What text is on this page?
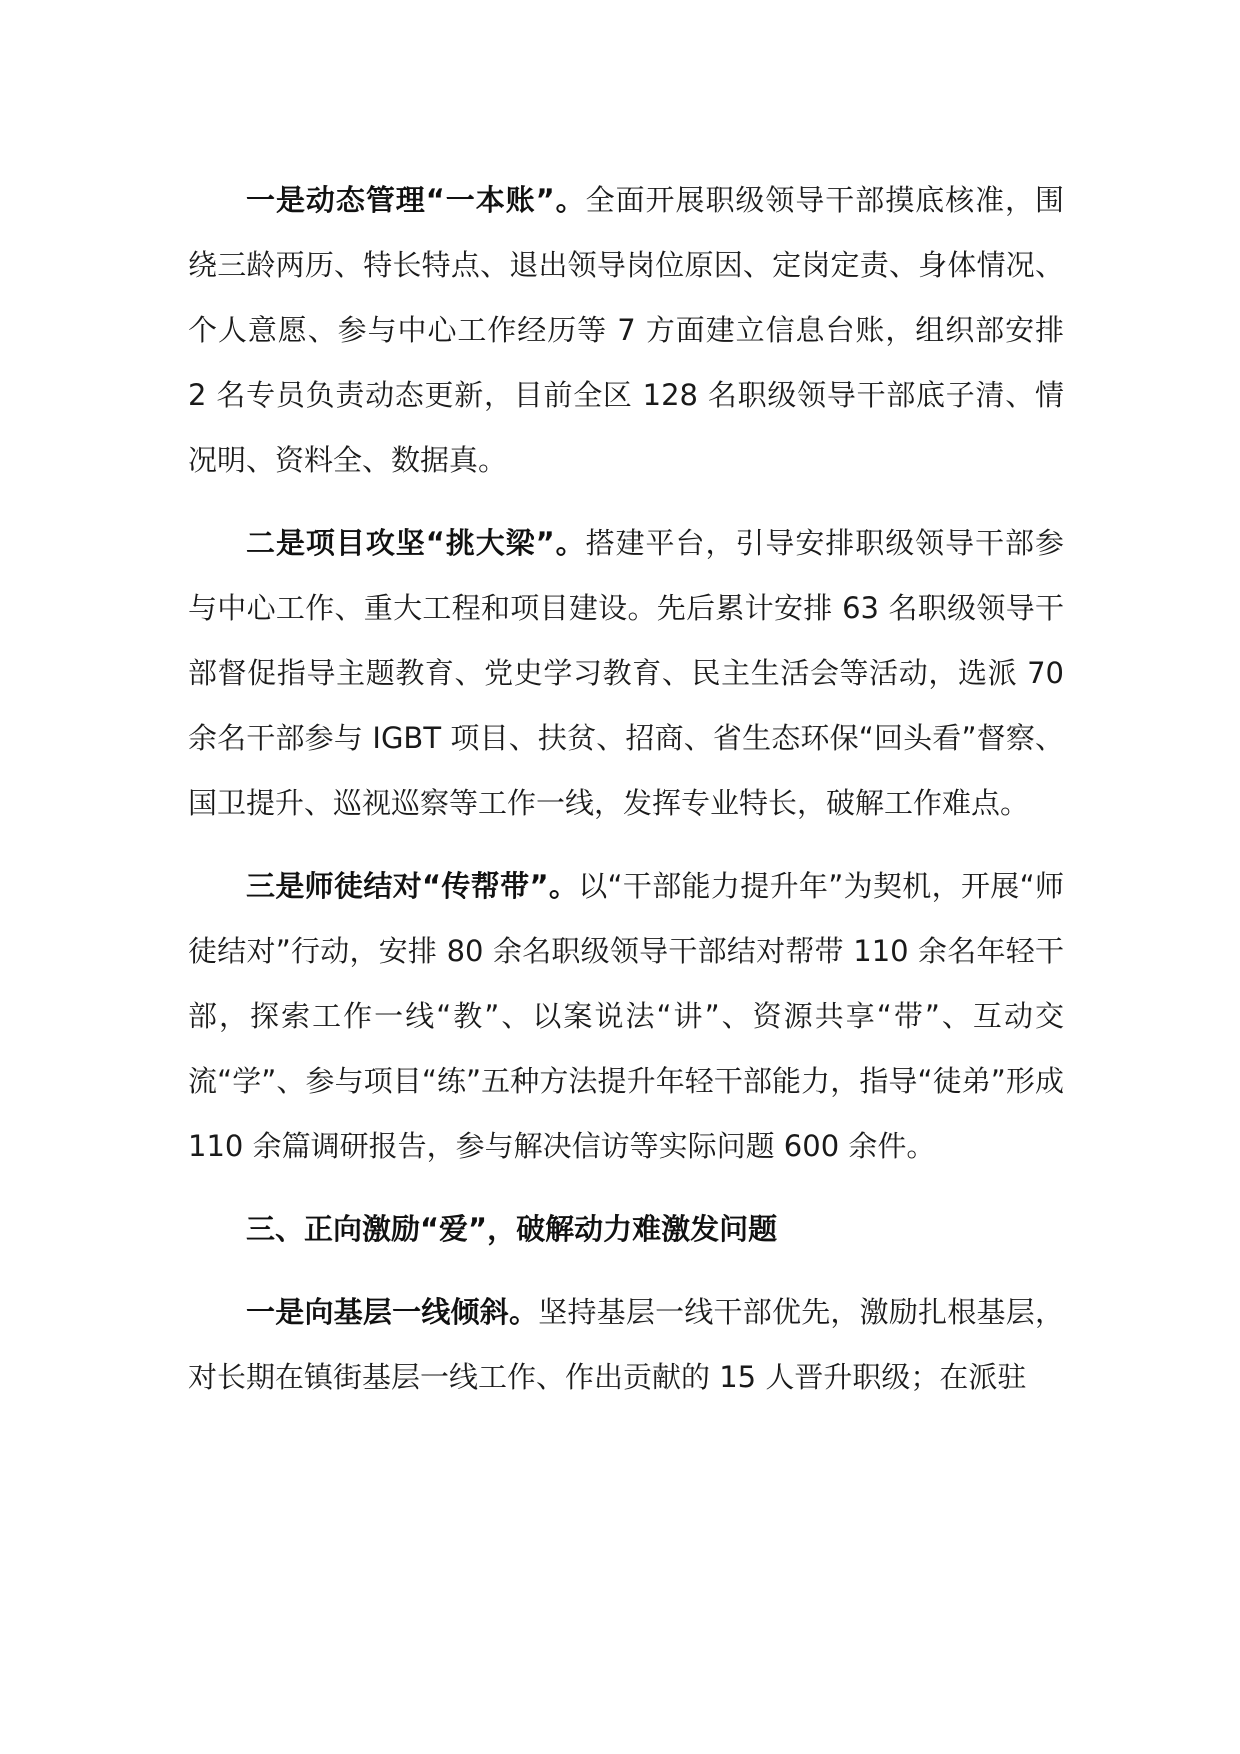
一是动态管理“一本账”。全面开展职级领导干部摸底核准，围绕三龄两历、特长特点、退出领导岗位原因、定岗定责、身体情况、个人意愿、参与中心工作经历等 7 方面建立信息台账，组织部安排 2 名专员负责动态更新，目前全区 128 名职级领导干部底子清、情况明、资料全、数据真。

二是项目攻坚“挑大梁”。搭建平台，引导安排职级领导干部参与中心工作、重大工程和项目建设。先后累计安排 63 名职级领导干部督促指导主题教育、党史学习教育、民主生活会等活动，选派 70 余名干部参与 IGBT 项目、扶贫、招商、省生态环保“回头看”督察、国卫提升、巡视巡察等工作一线，发挥专业特长，破解工作难点。

三是师徒结对“传帮带”。以“干部能力提升年”为契机，开展“师徒结对”行动，安排 80 余名职级领导干部结对帮带 110 余名年轻干部，探索工作一线“教”、以案说法“讲”、资源共享“带”、互动交流“学”、参与项目“练”五种方法提升年轻干部能力，指导“徒弟”形成 110 余篇调研报告，参与解决信访等实际问题 600 余件。

三、正向激励“爱”，破解动力难激发问题

一是向基层一线倾斜。坚持基层一线干部优先，激励扎根基层，对长期在镇街基层一线工作、作出贡献的 15 人晋升职级；在派驻
